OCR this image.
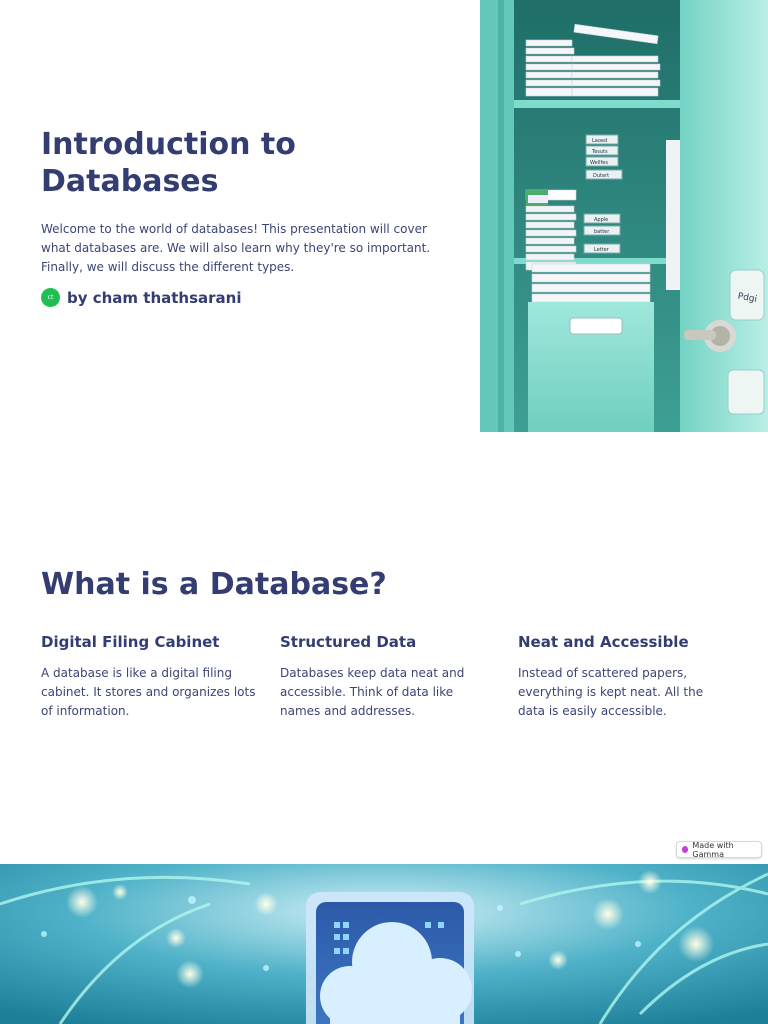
Introduction to Databases

Welcome to the world of databases! This presentation will cover what databases are. We will also learn why they're so important. Finally, we will discuss the different types.

ct by cham thathsarani
Laoed
Tesuts
Wellfes
Dutert
Apple
batter
Letter
Pdgi
What is a Database?
Digital Filing Cabinet

A database is like a digital filing cabinet. It stores and organizes lots of information.

Structured Data

Databases keep data neat and accessible. Think of data like names and addresses.

Neat and Accessible

Instead of scattered papers, everything is kept neat. All the data is easily accessible.

Made with Gamma
